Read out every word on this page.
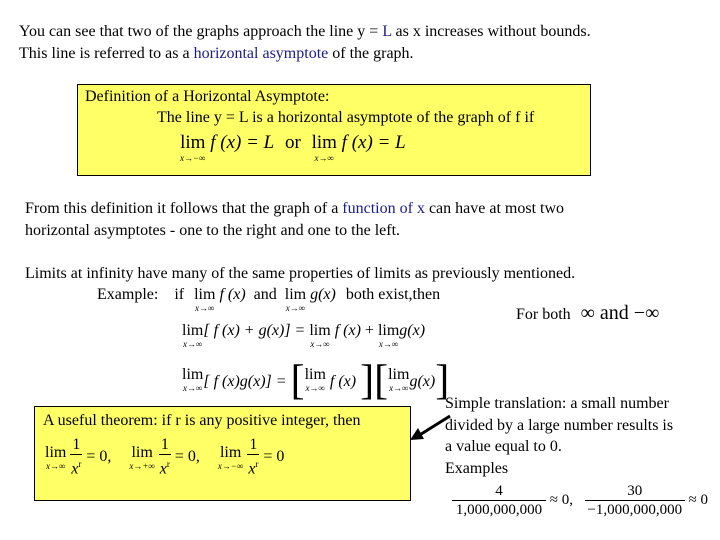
You can see that two of the graphs approach the line y = L as x increases without bounds.
This line is referred to as a horizontal asymptote of the graph.
Definition of a Horizontal Asymptote:
The line y = L is a horizontal asymptote of the graph of f if
lim
x→−∞
f (x) = L or lim
x→∞
f (x) = L
From this definition it follows that the graph of a function of x can have at most two
horizontal asymptotes - one to the right and one to the left.
Limits at infinity have many of the same properties of limits as previously mentioned.
Example: if lim
x→∞
f (x) and lim
x→∞
g(x) both exist,then
For both ∞ and −∞
lim
x→∞
[ f (x) + g(x)] = lim
x→∞
f (x) + lim
x→∞
g(x)
lim
x→∞ [ f (x)g(x)] = [ lim
x→∞ f (x) ][ lim
x→∞ g(x)]
A useful theorem: if r is any positive integer, then
lim
x→∞
$\frac{1}{x^r} = 0$, lim
x→+∞
$\frac{1}{x^r} = 0$, lim
x→−∞
$\frac{1}{x^r} = 0$
Simple translation: a small number
divided by a large number results is
a value equal to 0.
Examples
$\frac{4}{1,000,000,000} \approx 0$, $\frac{30}{-1,000,000,000} \approx 0$
